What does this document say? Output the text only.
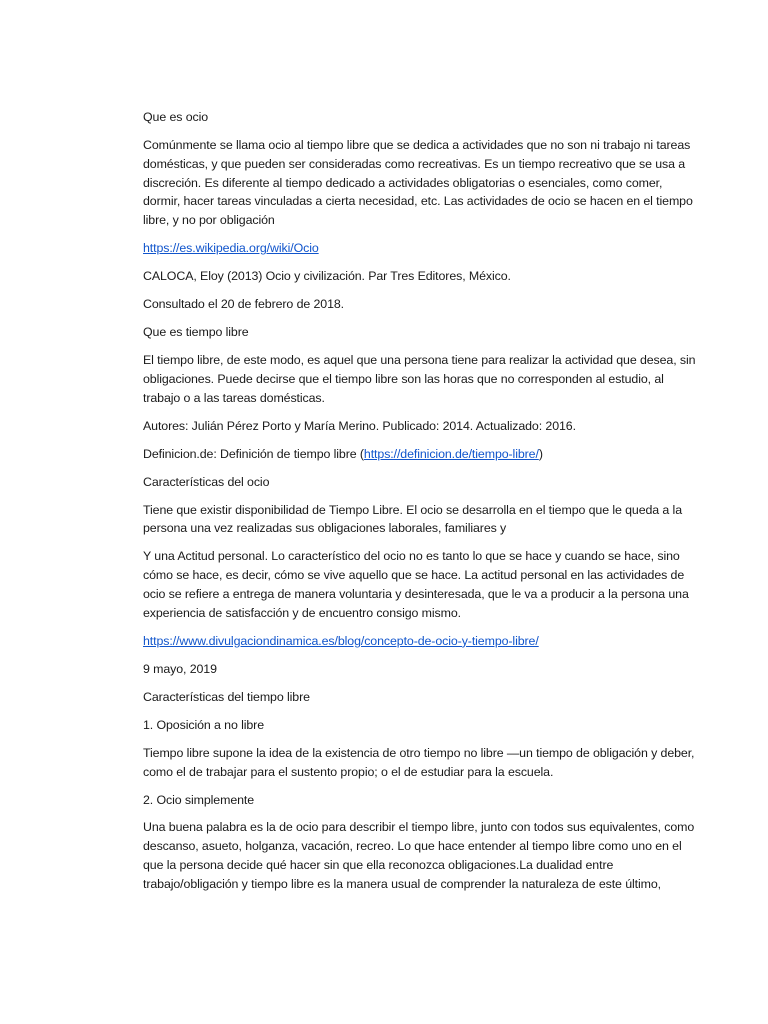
Que es ocio

Comúnmente se llama ocio al tiempo libre que se dedica a actividades que no son ni trabajo ni tareas domésticas, y que pueden ser consideradas como recreativas. Es un tiempo recreativo que se usa a discreción. Es diferente al tiempo dedicado a actividades obligatorias o esenciales, como comer, dormir, hacer tareas vinculadas a cierta necesidad, etc. Las actividades de ocio se hacen en el tiempo libre, y no por obligación

https://es.wikipedia.org/wiki/Ocio

CALOCA, Eloy (2013) Ocio y civilización. Par Tres Editores, México.

Consultado el 20 de febrero de 2018.

Que es tiempo libre

El tiempo libre, de este modo, es aquel que una persona tiene para realizar la actividad que desea, sin obligaciones. Puede decirse que el tiempo libre son las horas que no corresponden al estudio, al trabajo o a las tareas domésticas.

Autores: Julián Pérez Porto y María Merino. Publicado: 2014. Actualizado: 2016.

Definicion.de: Definición de tiempo libre (https://definicion.de/tiempo-libre/)

Características del ocio

Tiene que existir disponibilidad de Tiempo Libre. El ocio se desarrolla en el tiempo que le queda a la persona una vez realizadas sus obligaciones laborales, familiares y

Y una Actitud personal. Lo característico del ocio no es tanto lo que se hace y cuando se hace, sino cómo se hace, es decir, cómo se vive aquello que se hace. La actitud personal en las actividades de ocio se refiere a entrega de manera voluntaria y desinteresada, que le va a producir a la persona una experiencia de satisfacción y de encuentro consigo mismo.

https://www.divulgaciondinamica.es/blog/concepto-de-ocio-y-tiempo-libre/

9 mayo, 2019

Características del tiempo libre

1. Oposición a no libre

Tiempo libre supone la idea de la existencia de otro tiempo no libre —un tiempo de obligación y deber, como el de trabajar para el sustento propio; o el de estudiar para la escuela.

2. Ocio simplemente

Una buena palabra es la de ocio para describir el tiempo libre, junto con todos sus equivalentes, como descanso, asueto, holganza, vacación, recreo. Lo que hace entender al tiempo libre como uno en el que la persona decide qué hacer sin que ella reconozca obligaciones.La dualidad entre trabajo/obligación y tiempo libre es la manera usual de comprender la naturaleza de este último,
